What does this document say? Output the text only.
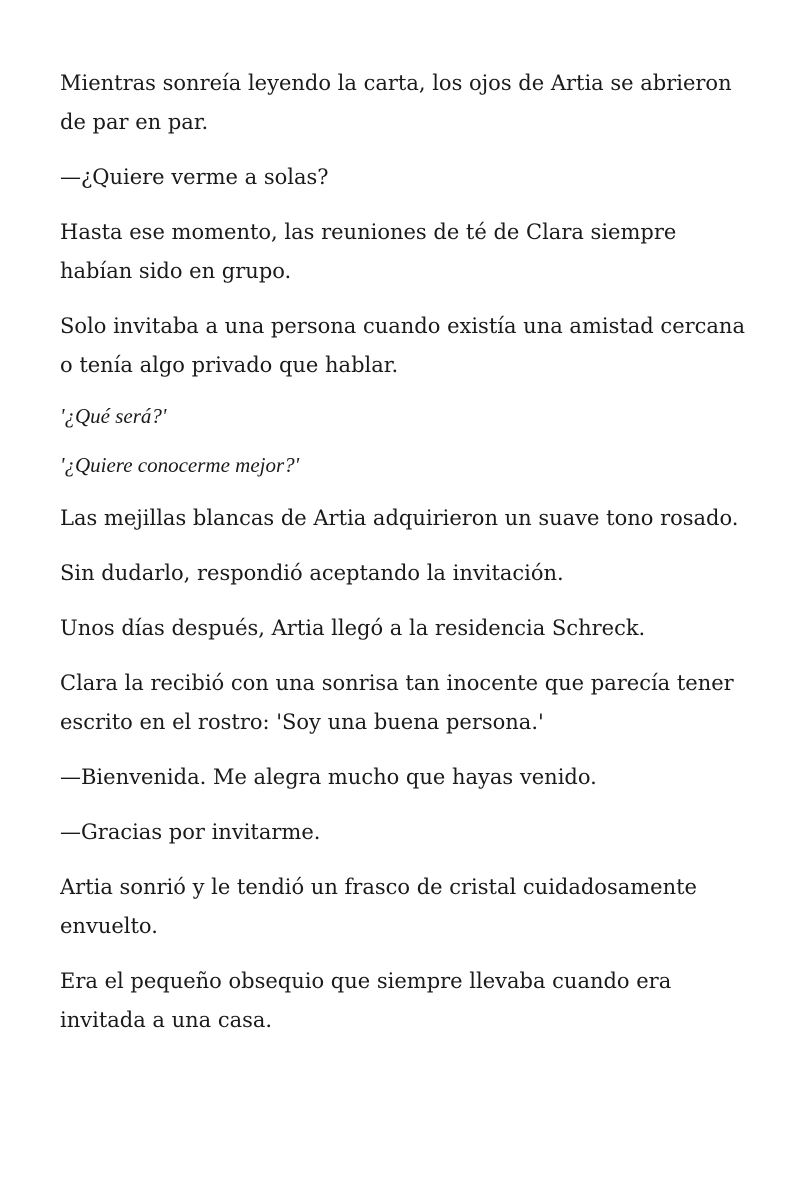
Mientras sonreía leyendo la carta, los ojos de Artia se abrieron de par en par.

—¿Quiere verme a solas?

Hasta ese momento, las reuniones de té de Clara siempre habían sido en grupo.

Solo invitaba a una persona cuando existía una amistad cercana o tenía algo privado que hablar.

'¿Qué será?'

'¿Quiere conocerme mejor?'

Las mejillas blancas de Artia adquirieron un suave tono rosado.

Sin dudarlo, respondió aceptando la invitación.

Unos días después, Artia llegó a la residencia Schreck.

Clara la recibió con una sonrisa tan inocente que parecía tener escrito en el rostro: 'Soy una buena persona.'

—Bienvenida. Me alegra mucho que hayas venido.

—Gracias por invitarme.

Artia sonrió y le tendió un frasco de cristal cuidadosamente envuelto.

Era el pequeño obsequio que siempre llevaba cuando era invitada a una casa.
